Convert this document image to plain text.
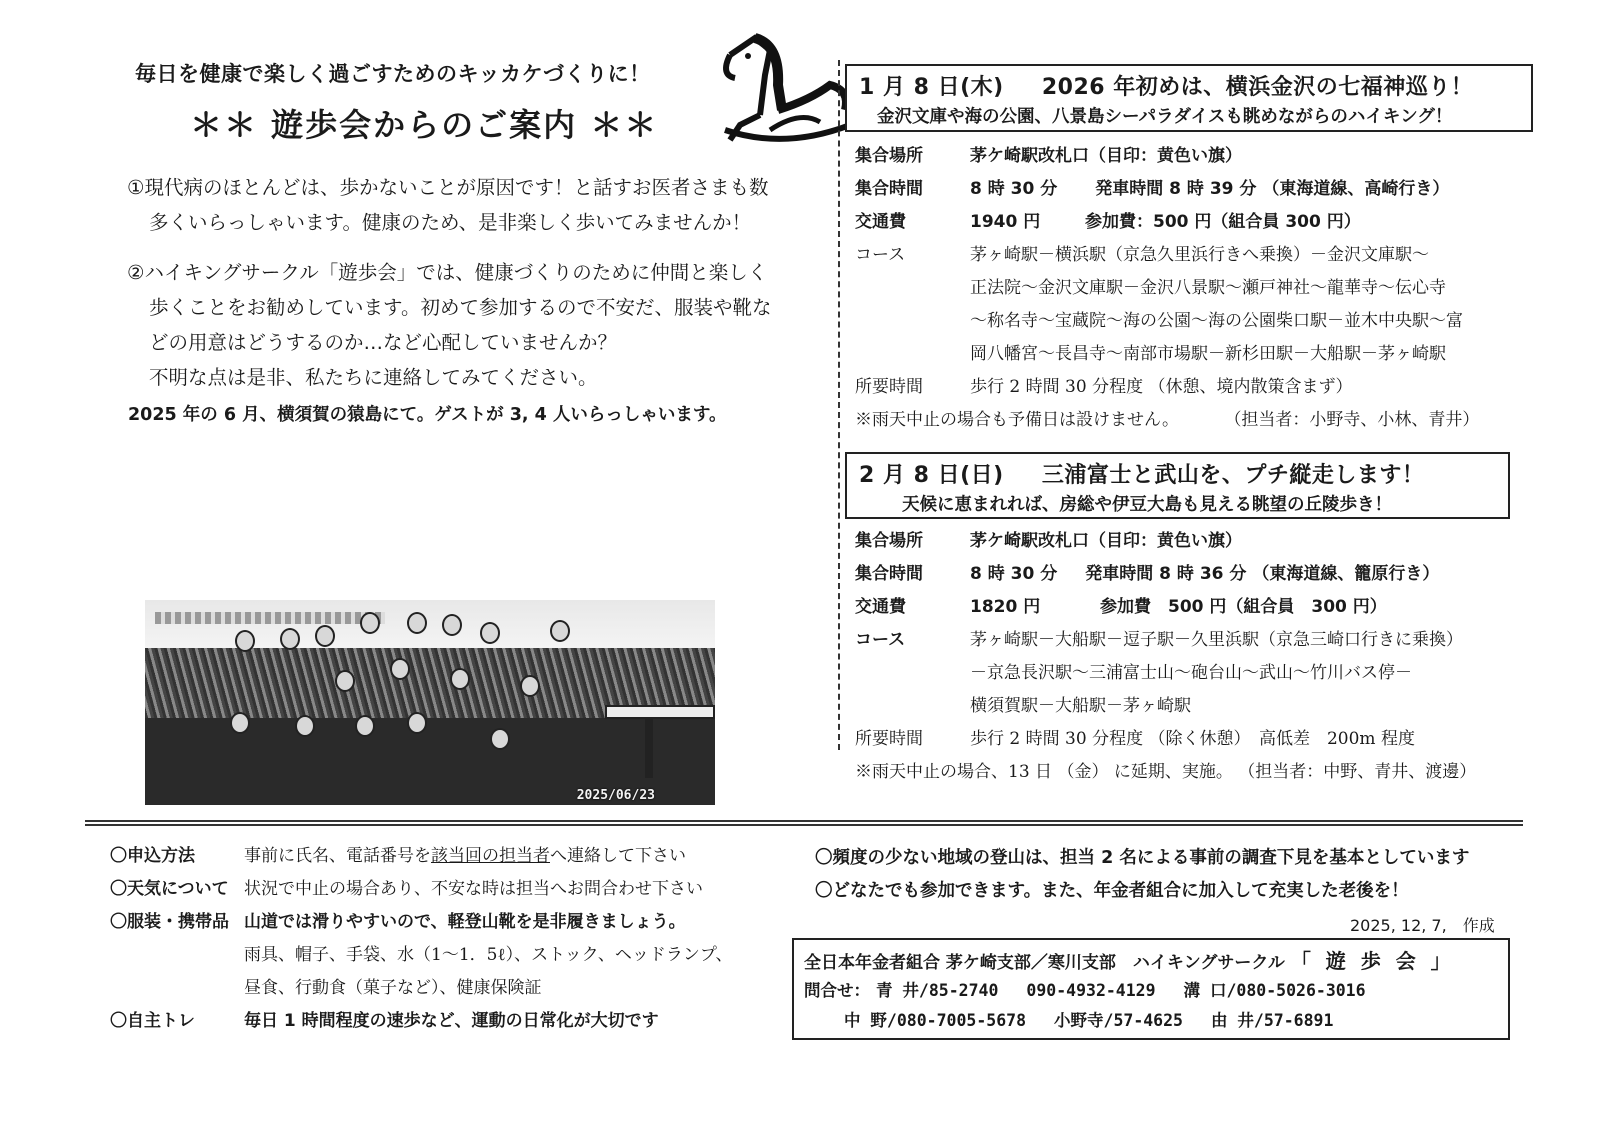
毎日を健康で楽しく過ごすためのキッカケづくりに！
＊＊ 遊歩会からのご案内 ＊＊
①現代病のほとんどは、歩かないことが原因です！と話すお医者さまも数
多くいらっしゃいます。健康のため、是非楽しく歩いてみませんか！
②ハイキングサークル「遊歩会」では、健康づくりのために仲間と楽しく
歩くことをお勧めしています。初めて参加するので不安だ、服装や靴な
どの用意はどうするのか…など心配していませんか？
不明な点は是非、私たちに連絡してみてください。
2025 年の 6 月、横須賀の猿島にて。ゲストが 3, 4 人いらっしゃいます。
2025/06/23
1 月 8 日(木) 2026 年初めは、横浜金沢の七福神巡り！
金沢文庫や海の公園、八景島シーパラダイスも眺めながらのハイキング！
集合場所	茅ケ崎駅改札口（目印：黄色い旗）
集合時間	8 時 30 分 発車時間 8 時 39 分 （東海道線、高崎行き）
交通費	1940 円	参加費：500 円（組合員 300 円）
コース	茅ヶ崎駅－横浜駅（京急久里浜行きへ乗換）－金沢文庫駅～
正法院～金沢文庫駅－金沢八景駅～瀬戸神社～龍華寺～伝心寺
～称名寺～宝蔵院～海の公園～海の公園柴口駅－並木中央駅～富
岡八幡宮～長昌寺～南部市場駅－新杉田駅－大船駅－茅ヶ崎駅
所要時間	歩行 2 時間 30 分程度 （休憩、境内散策含まず）
※雨天中止の場合も予備日は設けません。	（担当者：小野寺、小林、青井）
2 月 8 日(日) 三浦富士と武山を、プチ縦走します！
天候に恵まれれば、房総や伊豆大島も見える眺望の丘陵歩き！
集合場所	茅ケ崎駅改札口（目印：黄色い旗）
集合時間	8 時 30 分 発車時間 8 時 36 分 （東海道線、籠原行き）
交通費	1820 円	参加費　500 円（組合員　300 円）
コース	茅ヶ崎駅－大船駅－逗子駅－久里浜駅（京急三崎口行きに乗換）
－京急長沢駅～三浦富士山～砲台山～武山～竹川バス停－
横須賀駅－大船駅－茅ヶ崎駅
所要時間	歩行 2 時間 30 分程度 （除く休憩）　高低差　200m 程度
※雨天中止の場合、13 日 （金） に延期、実施。 （担当者：中野、青井、渡邊）
〇申込方法	事前に氏名、電話番号を該当回の担当者へ連絡して下さい
〇天気について 状況で中止の場合あり、不安な時は担当へお問合わせ下さい
〇服装・携帯品 山道では滑りやすいので、軽登山靴を是非履きましょう。
雨具、帽子、手袋、水（1～1．5ℓ）、ストック、ヘッドランプ、
昼食、行動食（菓子など）、健康保険証
〇自主トレ	毎日 1 時間程度の速歩など、運動の日常化が大切です
〇頻度の少ない地域の登山は、担当 2 名による事前の調査下見を基本としています
〇どなたでも参加できます。また、年金者組合に加入して充実した老後を！
2025, 12, 7,　作成
全日本年金者組合 茅ケ崎支部／寒川支部　ハイキングサークル 「 遊 歩 会 」
問合せ： 青 井/85-2740 090-4932-4129 溝 口/080-5026-3016
中 野/080-7005-5678 小野寺/57-4625 由 井/57-6891
